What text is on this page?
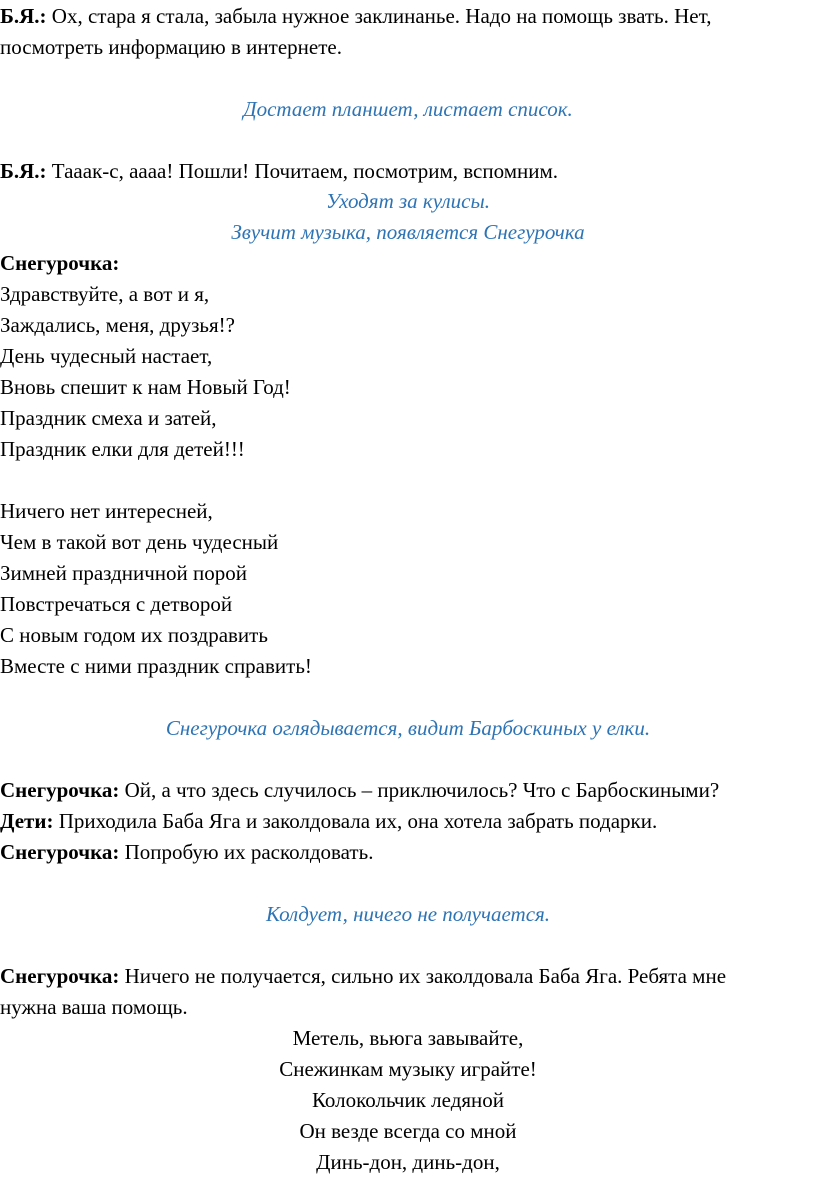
Б.Я.: Ох, стара я стала, забыла нужное заклинанье. Надо на помощь звать. Нет,
посмотреть информацию в интернете.
Достает планшет, листает список.
Б.Я.: Тааак-с, аааа! Пошли! Почитаем, посмотрим, вспомним.
Уходят за кулисы.
Звучит музыка, появляется Снегурочка
Снегурочка:
Здравствуйте, а вот и я,
Заждались, меня, друзья!?
День чудесный настает,
Вновь спешит к нам Новый Год!
Праздник смеха и затей,
Праздник елки для детей!!!
Ничего нет интересней,
Чем в такой вот день чудесный
Зимней праздничной порой
Повстречаться с детворой
С новым годом их поздравить
Вместе с ними праздник справить!
Снегурочка оглядывается, видит Барбоскиных у елки.
Снегурочка: Ой, а что здесь случилось – приключилось? Что с Барбоскиными?
Дети: Приходила Баба Яга и заколдовала их, она хотела забрать подарки.
Снегурочка: Попробую их расколдовать.
Колдует, ничего не получается.
Снегурочка: Ничего не получается, сильно их заколдовала Баба Яга. Ребята мне
нужна ваша помощь.
Метель, вьюга завывайте,
Снежинкам музыку играйте!
Колокольчик ледяной
Он везде всегда со мной
Динь-дон, динь-дон,
